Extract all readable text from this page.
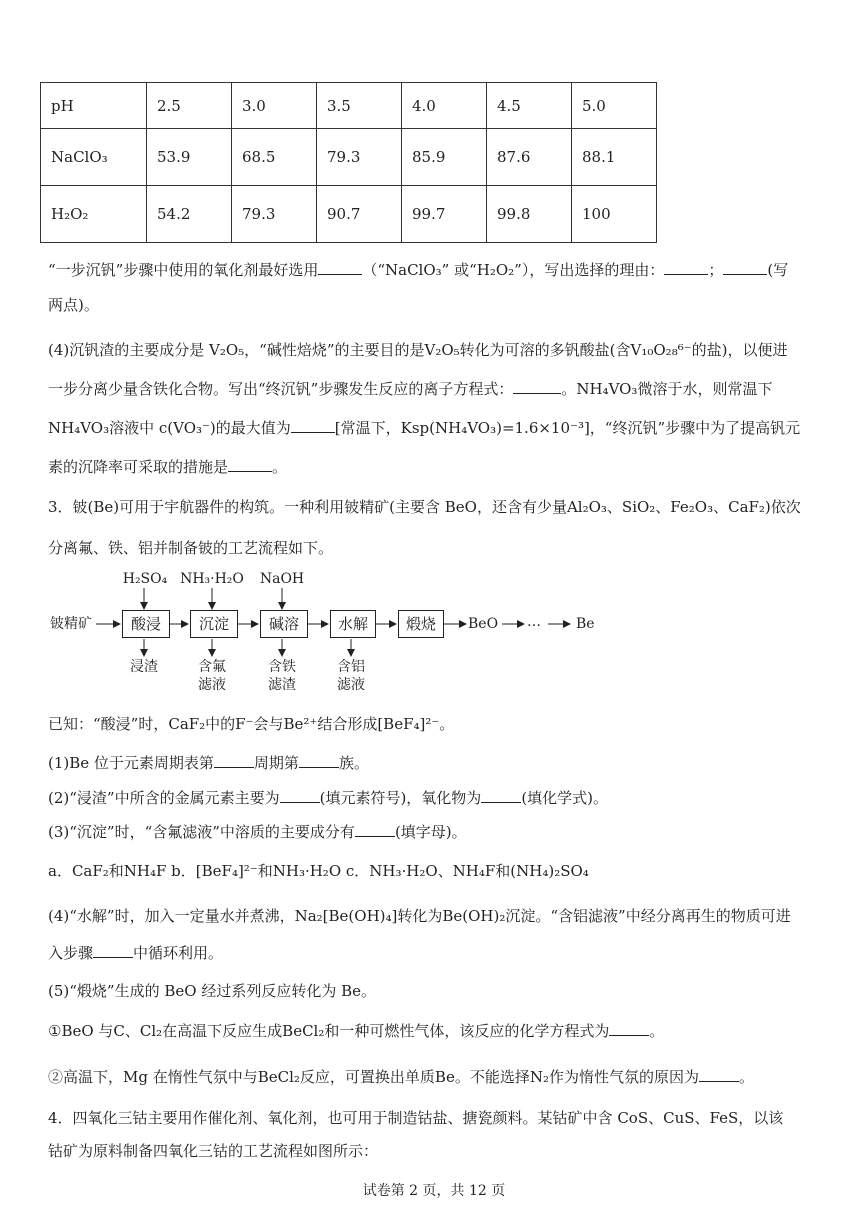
pH	2.5	3.0	3.5	4.0	4.5	5.0
NaClO₃	53.9	68.5	79.3	85.9	87.6	88.1
H₂O₂	54.2	79.3	90.7	99.7	99.8	100
“一步沉钒”步骤中使用的氧化剂最好选用	（“NaClO₃” 或“H₂O₂”），写出选择的理由：	；	(写
两点)。
(4)沉钒渣的主要成分是 V₂O₅，“碱性焙烧”的主要目的是V₂O₅转化为可溶的多钒酸盐(含V₁₀O₂₈⁶⁻的盐)，以便进
一步分离少量含铁化合物。写出“终沉钒”步骤发生反应的离子方程式：	。NH₄VO₃微溶于水，则常温下
NH₄VO₃溶液中 c(VO₃⁻)的最大值为	[常温下，Ksp(NH₄VO₃)=1.6×10⁻³]，“终沉钒”步骤中为了提高钒元
素的沉降率可采取的措施是	。
3．铍(Be)可用于宇航器件的构筑。一种利用铍精矿(主要含 BeO，还含有少量Al₂O₃、SiO₂、Fe₂O₃、CaF₂)依次
分离氟、铁、铝并制备铍的工艺流程如下。
铍精矿	酸浸	沉淀	碱溶	水解	煅烧
H₂SO₄ NH₃·H₂O NaOH
浸渣	含氟
滤液
含铁
滤渣
含铝
滤液
BeO …	Be
已知：“酸浸”时，CaF₂中的F⁻会与Be²⁺结合形成[BeF₄]²⁻。
(1)Be 位于元素周期表第	周期第	族。
(2)“浸渣”中所含的金属元素主要为	(填元素符号)，氧化物为	(填化学式)。
(3)“沉淀”时，“含氟滤液”中溶质的主要成分有	(填字母)。
a．CaF₂和NH₄F b．[BeF₄]²⁻和NH₃·H₂O c．NH₃·H₂O、NH₄F和(NH₄)₂SO₄
(4)“水解”时，加入一定量水并煮沸，Na₂[Be(OH)₄]转化为Be(OH)₂沉淀。“含铝滤液”中经分离再生的物质可进
入步骤	中循环利用。
(5)“煅烧”生成的 BeO 经过系列反应转化为 Be。
①BeO 与C、Cl₂在高温下反应生成BeCl₂和一种可燃性气体，该反应的化学方程式为	。
②高温下，Mg 在惰性气氛中与BeCl₂反应，可置换出单质Be。不能选择N₂作为惰性气氛的原因为	。
4．四氧化三钴主要用作催化剂、氧化剂，也可用于制造钴盐、搪瓷颜料。某钴矿中含 CoS、CuS、FeS，以该
钴矿为原料制备四氧化三钴的工艺流程如图所示：
试卷第 2 页，共 12 页
